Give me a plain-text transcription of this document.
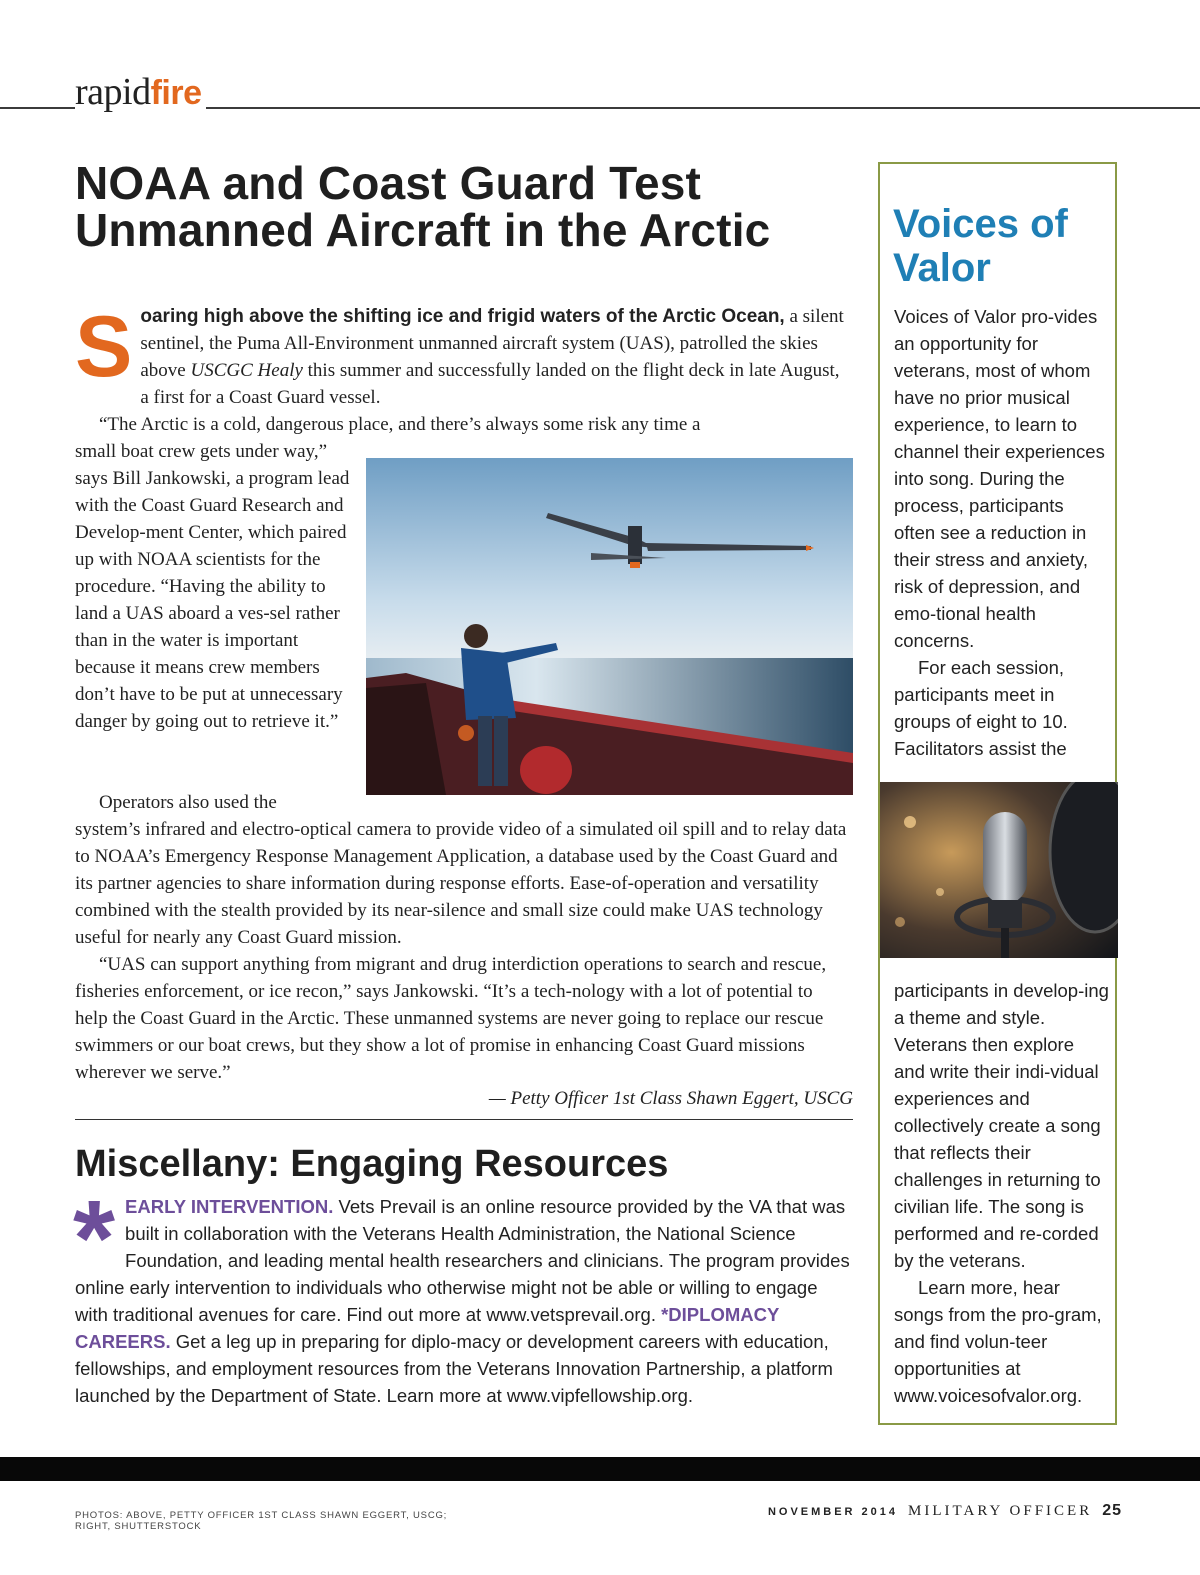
rapidfire
NOAA and Coast Guard Test Unmanned Aircraft in the Arctic

Soaring high above the shifting ice and frigid waters of the Arctic Ocean, a silent sentinel, the Puma All-Environment unmanned aircraft system (UAS), patrolled the skies above USCGC Healy this summer and successfully landed on the flight deck in late August, a first for a Coast Guard vessel.

“The Arctic is a cold, dangerous place, and there’s always some risk any time a

small boat crew gets under way,” says Bill Jankowski, a program lead with the Coast Guard Research and Develop-ment Center, which paired up with NOAA scientists for the procedure. “Having the ability to land a UAS aboard a ves-sel rather than in the water is important because it means crew members don’t have to be put at unnecessary danger by going out to retrieve it.”

Operators also used the
system’s infrared and electro-optical camera to provide video of a simulated oil spill and to relay data to NOAA’s Emergency Response Management Application, a database used by the Coast Guard and its partner agencies to share information during response efforts. Ease-of-operation and versatility combined with the stealth provided by its near-silence and small size could make UAS technology useful for nearly any Coast Guard mission.

“UAS can support anything from migrant and drug interdiction operations to search and rescue, fisheries enforcement, or ice recon,” says Jankowski. “It’s a tech-nology with a lot of potential to help the Coast Guard in the Arctic. These unmanned systems are never going to replace our rescue swimmers or our boat crews, but they show a lot of promise in enhancing Coast Guard missions wherever we serve.”

— Petty Officer 1st Class Shawn Eggert, USCG

Miscellany: Engaging Resources

* EARLY INTERVENTION. Vets Prevail is an online resource provided by the VA that was built in collaboration with the Veterans Health Administration, the National Science Foundation, and leading mental health researchers and clinicians. The program provides online early intervention to individuals who otherwise might not be able or willing to engage with traditional avenues for care. Find out more at www.vetsprevail.org. *DIPLOMACY CAREERS. Get a leg up in preparing for diplo-macy or development careers with education, fellowships, and employment resources from the Veterans Innovation Partnership, a platform launched by the Department of State. Learn more at www.vipfellowship.org.

Voices of Valor

Voices of Valor pro-vides an opportunity for veterans, most of whom have no prior musical experience, to learn to channel their experiences into song. During the process, participants often see a reduction in their stress and anxiety, risk of depression, and emo-tional health concerns.

For each session, participants meet in groups of eight to 10. Facilitators assist the

participants in develop-ing a theme and style. Veterans then explore and write their indi-vidual experiences and collectively create a song that reflects their challenges in returning to civilian life. The song is performed and re-corded by the veterans.

Learn more, hear songs from the pro-gram, and find volun-teer opportunities at www.voicesofvalor.org.

PHOTOS: ABOVE, PETTY OFFICER 1ST CLASS SHAWN EGGERT, USCG;
RIGHT, SHUTTERSTOCK

NOVEMBER 2014 MILITARY OFFICER 25
